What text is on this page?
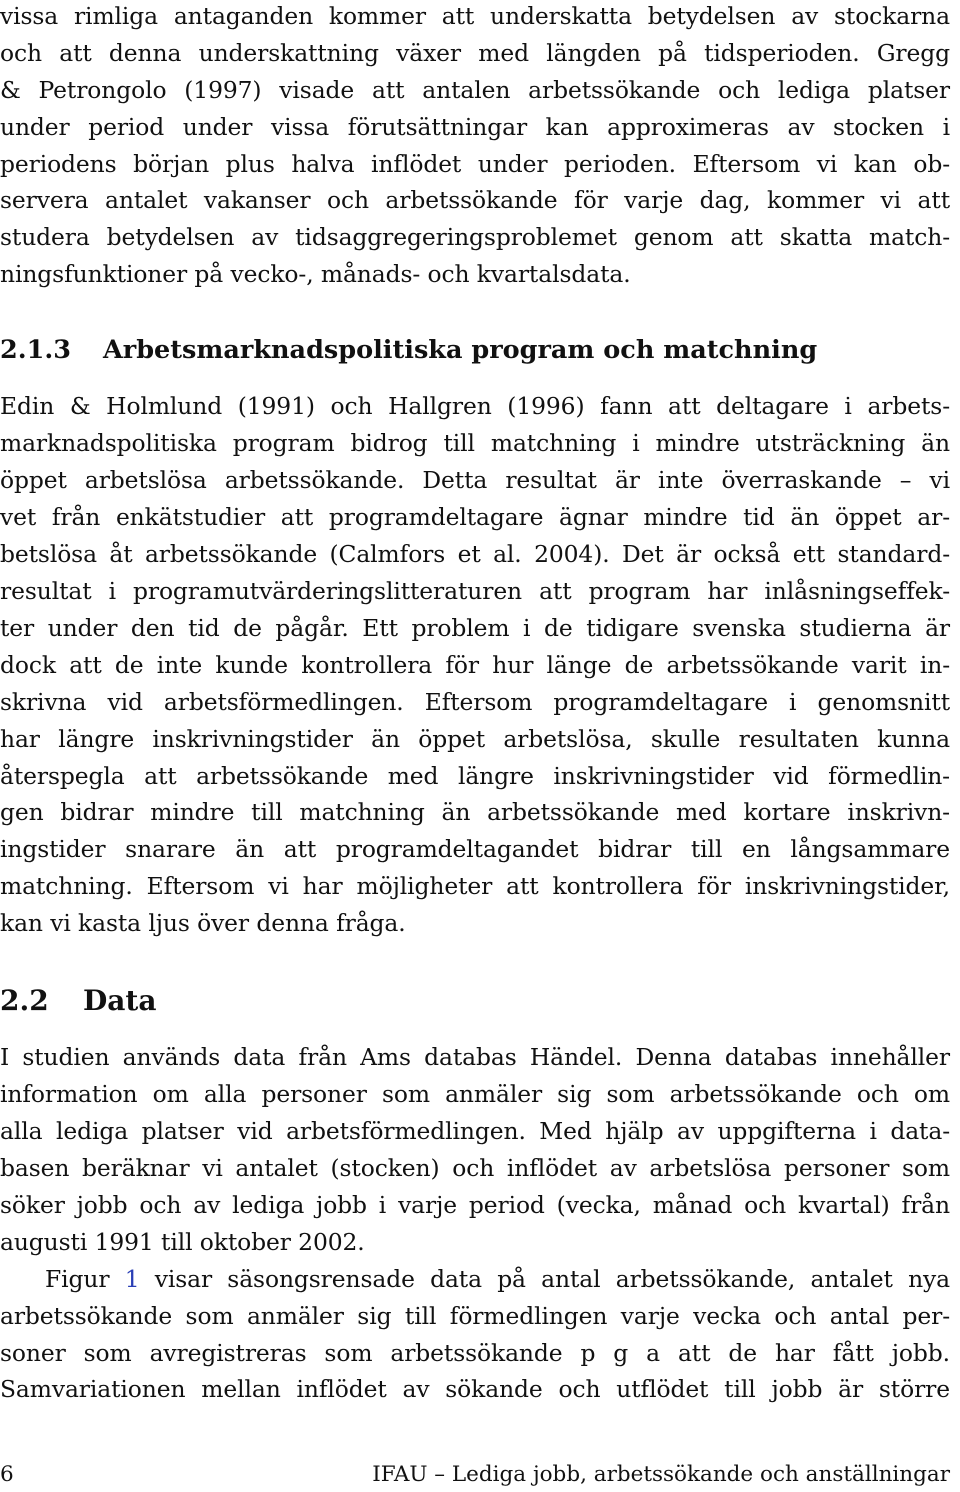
vissa rimliga antaganden kommer att underskatta betydelsen av stockarna
och att denna underskattning växer med längden på tidsperioden. Gregg
& Petrongolo (1997) visade att antalen arbetssökande och lediga platser
under period under vissa förutsättningar kan approximeras av stocken i
periodens början plus halva inflödet under perioden. Eftersom vi kan ob-
servera antalet vakanser och arbetssökande för varje dag, kommer vi att
studera betydelsen av tidsaggregeringsproblemet genom att skatta match-
ningsfunktioner på vecko-, månads- och kvartalsdata.
2.1.3 Arbetsmarknadspolitiska program och matchning
Edin & Holmlund (1991) och Hallgren (1996) fann att deltagare i arbets-
marknadspolitiska program bidrog till matchning i mindre utsträckning än
öppet arbetslösa arbetssökande. Detta resultat är inte överraskande – vi
vet från enkätstudier att programdeltagare ägnar mindre tid än öppet ar-
betslösa åt arbetssökande (Calmfors et al. 2004). Det är också ett standard-
resultat i programutvärderingslitteraturen att program har inlåsningseffek-
ter under den tid de pågår. Ett problem i de tidigare svenska studierna är
dock att de inte kunde kontrollera för hur länge de arbetssökande varit in-
skrivna vid arbetsförmedlingen. Eftersom programdeltagare i genomsnitt
har längre inskrivningstider än öppet arbetslösa, skulle resultaten kunna
återspegla att arbetssökande med längre inskrivningstider vid förmedlin-
gen bidrar mindre till matchning än arbetssökande med kortare inskrivn-
ingstider snarare än att programdeltagandet bidrar till en långsammare
matchning. Eftersom vi har möjligheter att kontrollera för inskrivningstider,
kan vi kasta ljus över denna fråga.
2.2 Data
I studien används data från Ams databas Händel. Denna databas innehåller
information om alla personer som anmäler sig som arbetssökande och om
alla lediga platser vid arbetsförmedlingen. Med hjälp av uppgifterna i data-
basen beräknar vi antalet (stocken) och inflödet av arbetslösa personer som
söker jobb och av lediga jobb i varje period (vecka, månad och kvartal) från
augusti 1991 till oktober 2002.
Figur 1 visar säsongsrensade data på antal arbetssökande, antalet nya
arbetssökande som anmäler sig till förmedlingen varje vecka och antal per-
soner som avregistreras som arbetssökande p g a att de har fått jobb.
Samvariationen mellan inflödet av sökande och utflödet till jobb är större
6	IFAU – Lediga jobb, arbetssökande och anställningar
